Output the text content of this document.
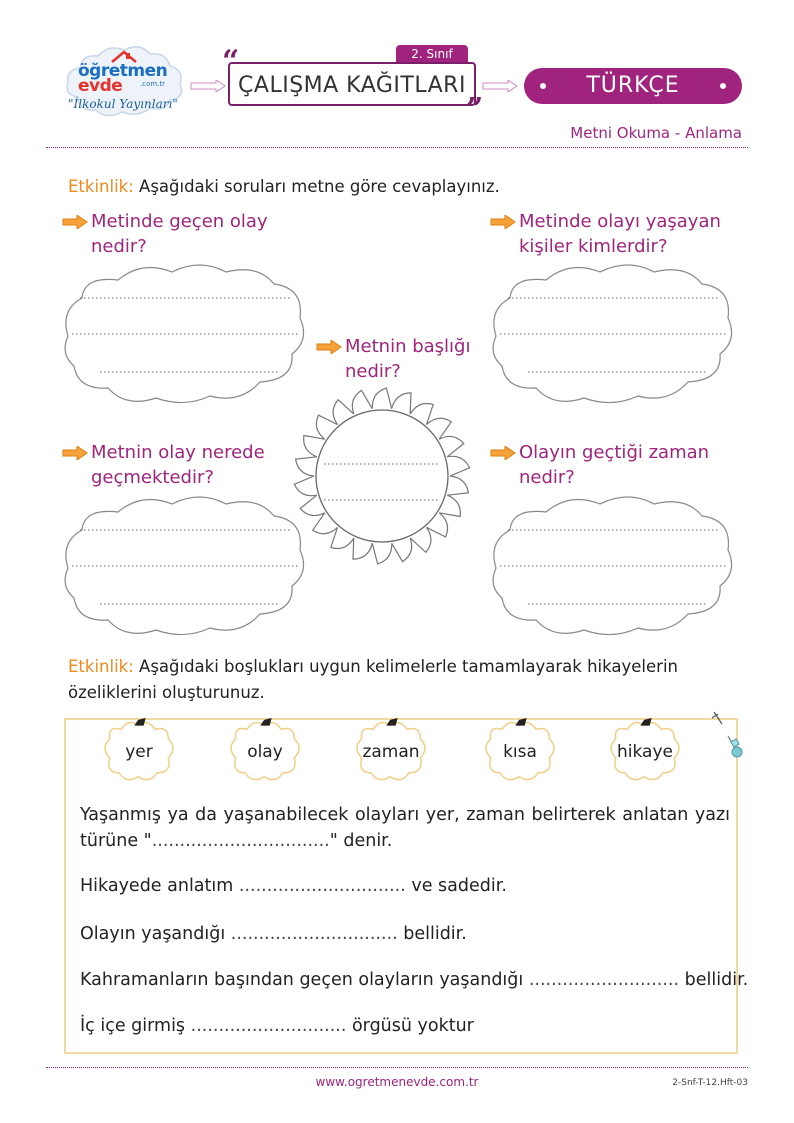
öğretmen
evde	.com.tr
"İlkokul Yayınları"
“	2. Sınıf
ÇALIŞMA KAĞITLARI
”
TÜRKÇE
Metni Okuma - Anlama
Etkinlik: Aşağıdaki soruları metne göre cevaplayınız.
Metinde geçen olay
nedir?
Metinde olayı yaşayan
kişiler kimlerdir?
Metnin başlığı
nedir?
Metnin olay nerede
geçmektedir?
Olayın geçtiği zaman
nedir?
Etkinlik: Aşağıdaki boşlukları uygun kelimelerle tamamlayarak hikayelerin
özeliklerini oluşturunuz.
yer	olay	zaman	kısa	hikaye
Yaşanmış ya da yaşanabilecek olayları yer, zaman belirterek anlatan yazı
türüne "................................" denir.
Hikayede anlatım .............................. ve sadedir.
Olayın yaşandığı .............................. bellidir.
Kahramanların başından geçen olayların yaşandığı ........................... bellidir.
İç içe girmiş ............................ örgüsü yoktur
www.ogretmenevde.com.tr	2-Snf-T-12.Hft-03
